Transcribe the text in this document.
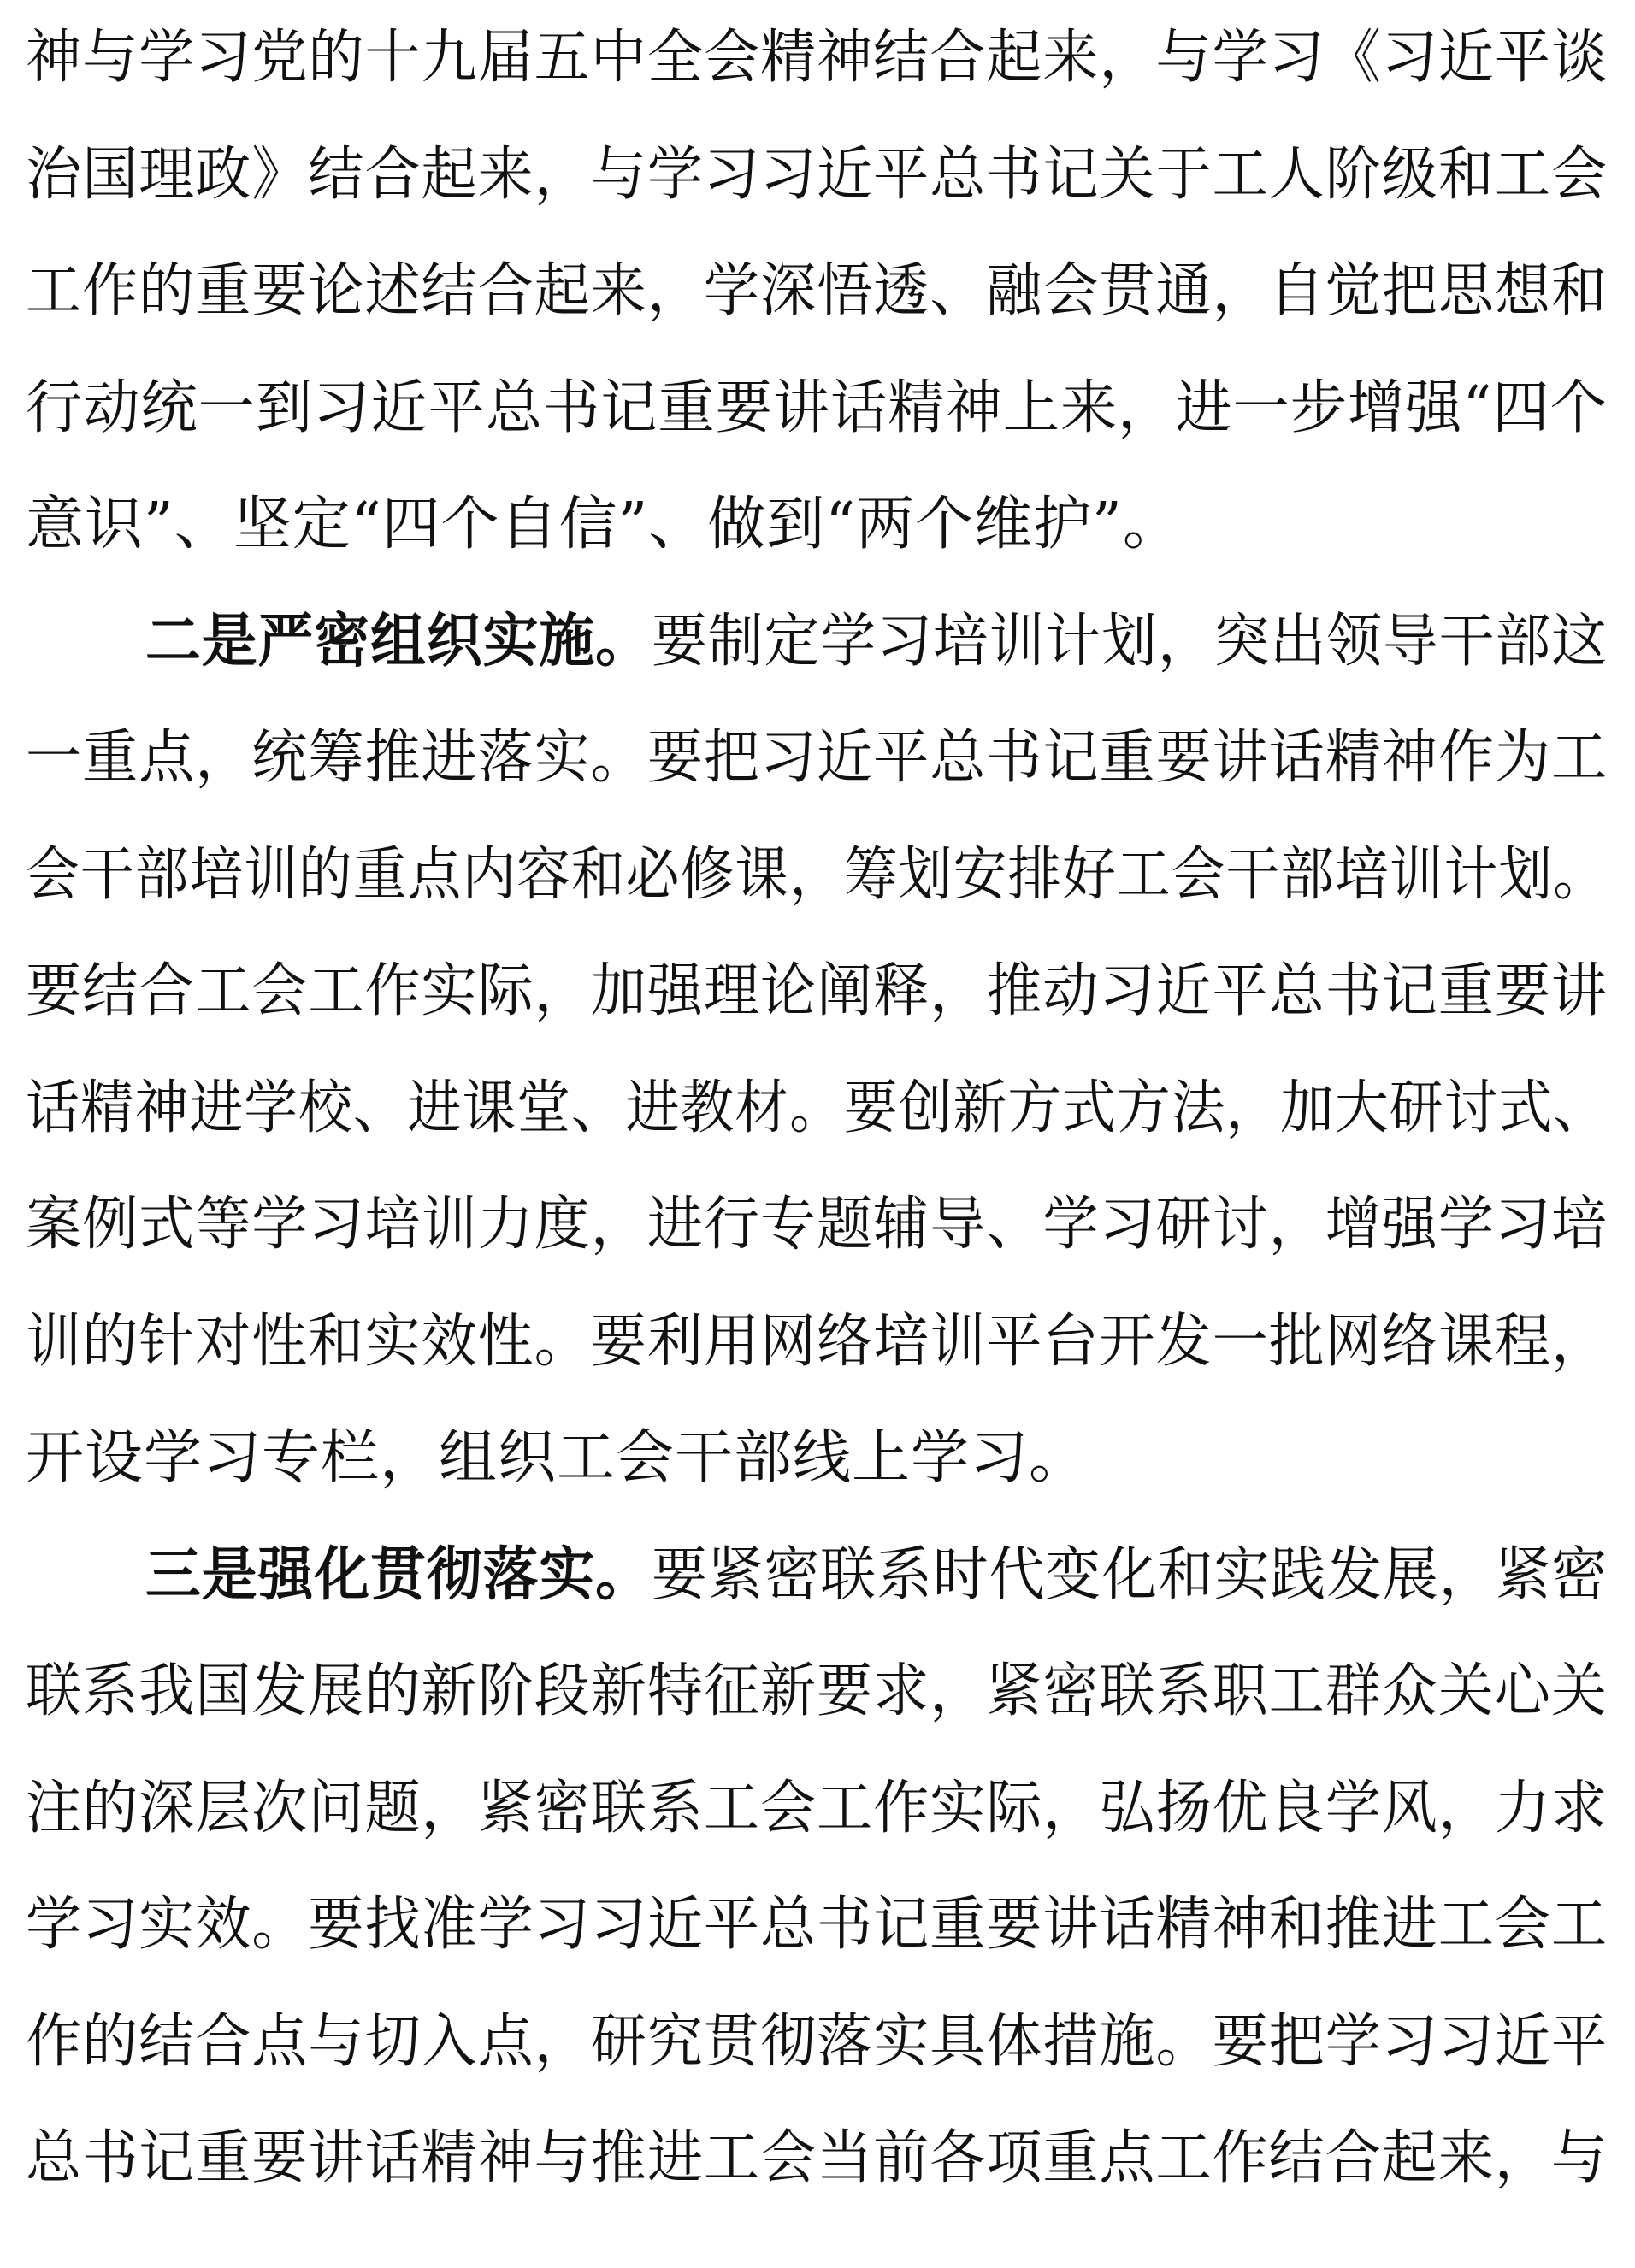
神与学习党的十九届五中全会精神结合起来，与学习《习近平谈
治国理政》结合起来，与学习习近平总书记关于工人阶级和工会
工作的重要论述结合起来，学深悟透、融会贯通，自觉把思想和
行动统一到习近平总书记重要讲话精神上来，进一步增强“四个
意识”、坚定“四个自信”、做到“两个维护”。
二是严密组织实施。要制定学习培训计划，突出领导干部这
一重点，统筹推进落实。要把习近平总书记重要讲话精神作为工
会干部培训的重点内容和必修课，筹划安排好工会干部培训计划。
要结合工会工作实际，加强理论阐释，推动习近平总书记重要讲
话精神进学校、进课堂、进教材。要创新方式方法，加大研讨式、
案例式等学习培训力度，进行专题辅导、学习研讨，增强学习培
训的针对性和实效性。要利用网络培训平台开发一批网络课程，
开设学习专栏，组织工会干部线上学习。
三是强化贯彻落实。要紧密联系时代变化和实践发展，紧密
联系我国发展的新阶段新特征新要求，紧密联系职工群众关心关
注的深层次问题，紧密联系工会工作实际，弘扬优良学风，力求
学习实效。要找准学习习近平总书记重要讲话精神和推进工会工
作的结合点与切入点，研究贯彻落实具体措施。要把学习习近平
总书记重要讲话精神与推进工会当前各项重点工作结合起来，与
